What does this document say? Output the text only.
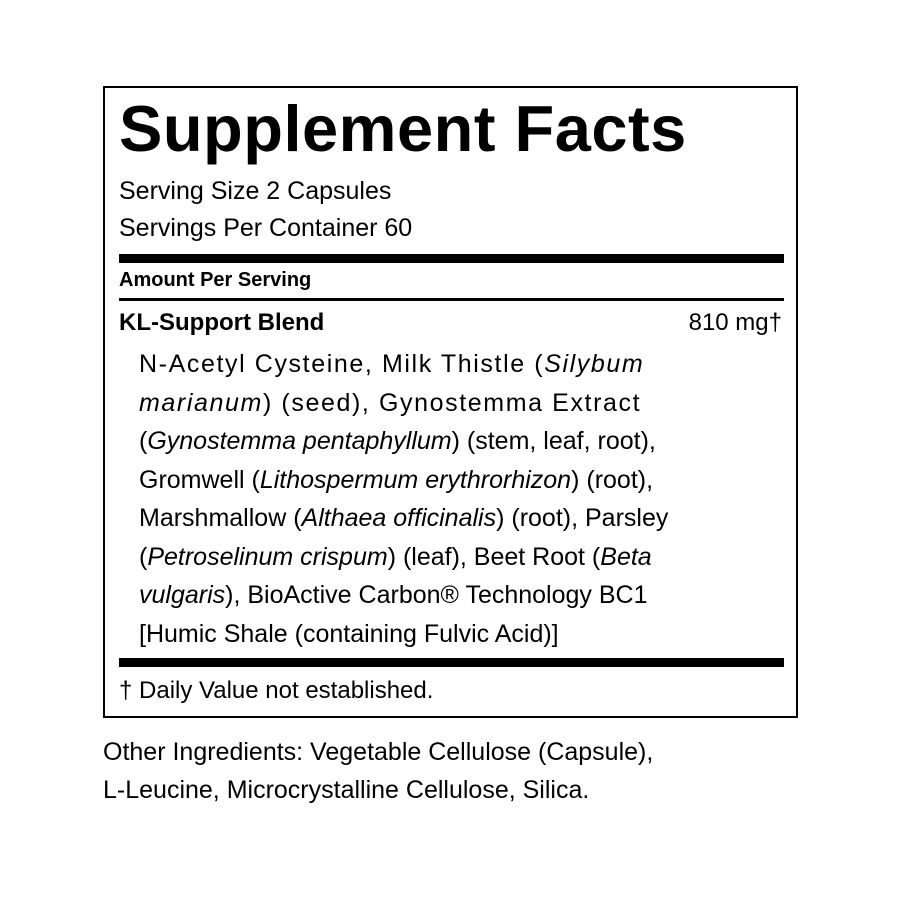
Supplement Facts
Serving Size 2 Capsules
Servings Per Container 60
Amount Per Serving
KL-Support Blend	810 mg†
N-Acetyl Cysteine, Milk Thistle (Silybum
marianum) (seed), Gynostemma Extract
(Gynostemma pentaphyllum) (stem, leaf, root),
Gromwell (Lithospermum erythrorhizon) (root),
Marshmallow (Althaea officinalis) (root), Parsley
(Petroselinum crispum) (leaf), Beet Root (Beta
vulgaris), BioActive Carbon® Technology BC1
[Humic Shale (containing Fulvic Acid)]
† Daily Value not established.
Other Ingredients: Vegetable Cellulose (Capsule),
L-Leucine, Microcrystalline Cellulose, Silica.
